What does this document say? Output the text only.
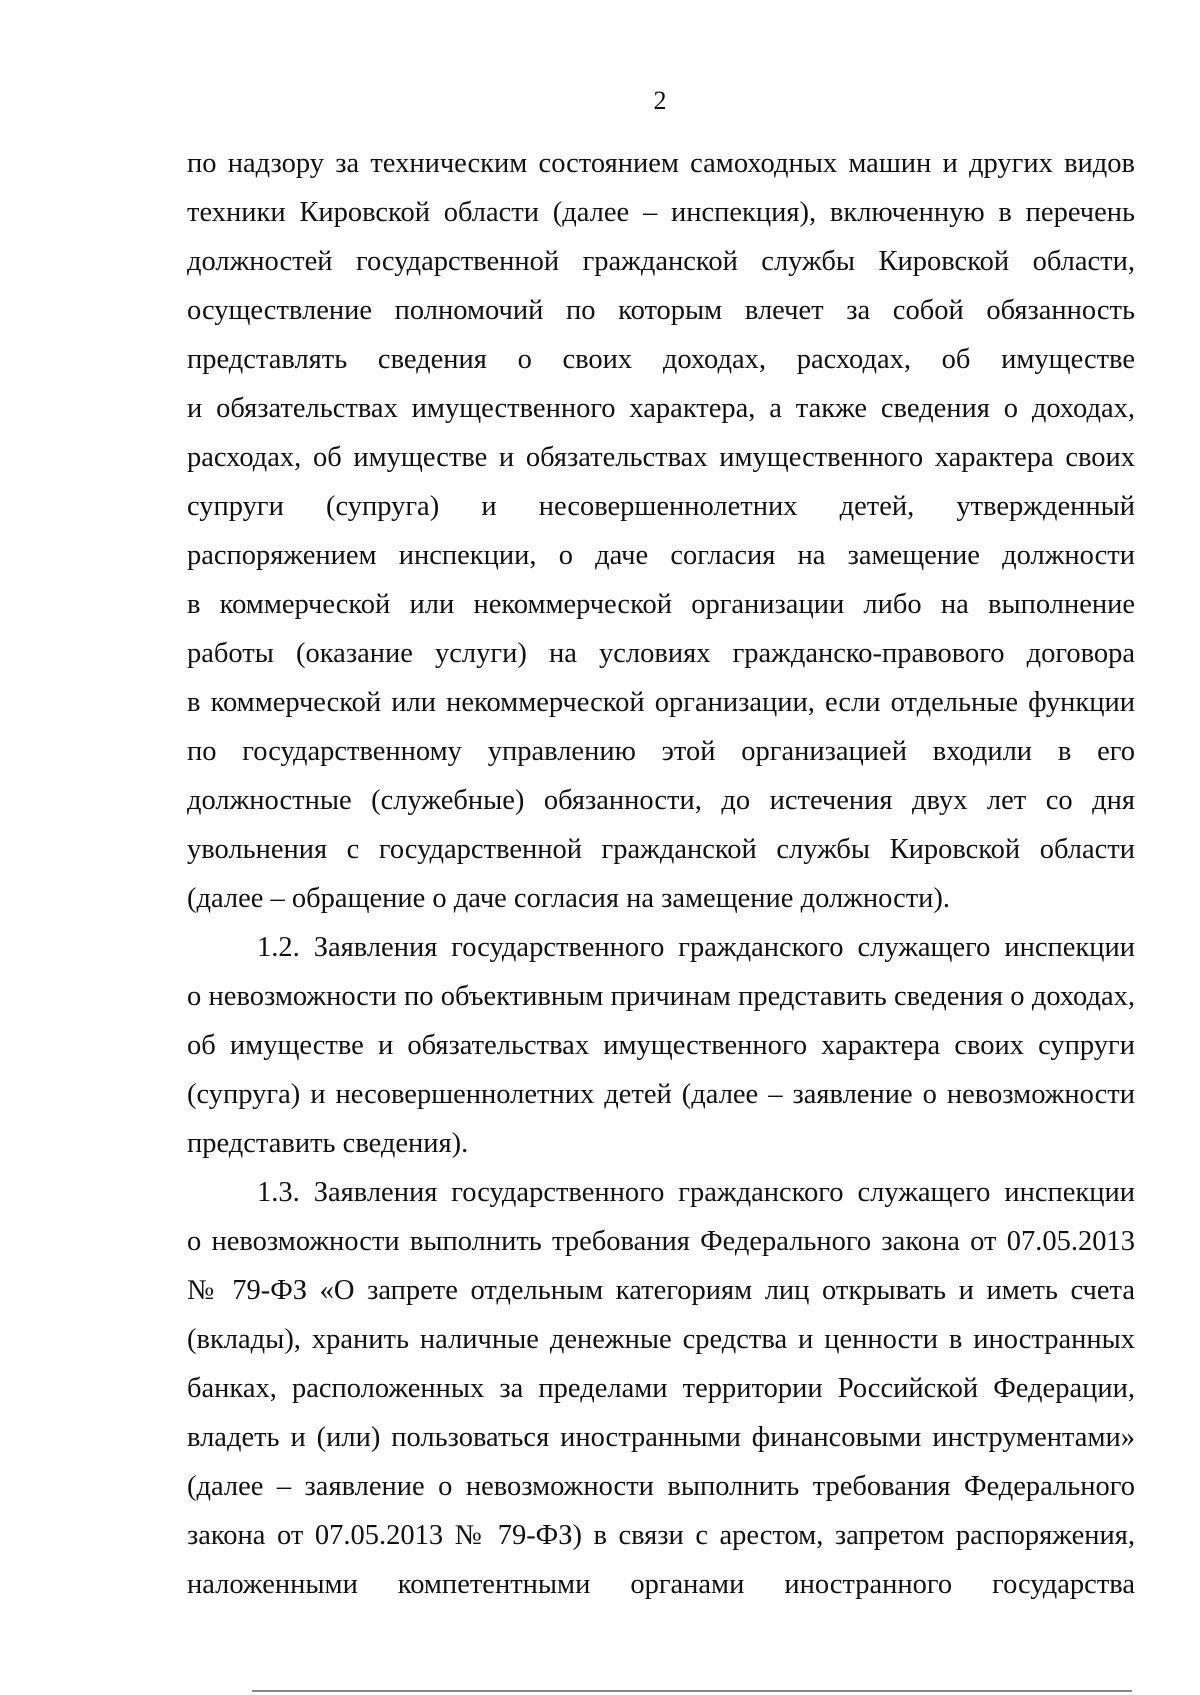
2
по надзору за техническим состоянием самоходных машин и других видов
техники Кировской области (далее – инспекция), включенную в перечень
должностей государственной гражданской службы Кировской области,
осуществление полномочий по которым влечет за собой обязанность
представлять сведения о своих доходах, расходах, об имуществе
и обязательствах имущественного характера, а также сведения о доходах,
расходах, об имуществе и обязательствах имущественного характера своих
супруги (супруга) и несовершеннолетних детей, утвержденный
распоряжением инспекции, о даче согласия на замещение должности
в коммерческой или некоммерческой организации либо на выполнение
работы (оказание услуги) на условиях гражданско-правового договора
в коммерческой или некоммерческой организации, если отдельные функции
по государственному управлению этой организацией входили в его
должностные (служебные) обязанности, до истечения двух лет со дня
увольнения с государственной гражданской службы Кировской области
(далее – обращение о даче согласия на замещение должности).
1.2. Заявления государственного гражданского служащего инспекции
о невозможности по объективным причинам представить сведения о доходах,
об имуществе и обязательствах имущественного характера своих супруги
(супруга) и несовершеннолетних детей (далее – заявление о невозможности
представить сведения).
1.3. Заявления государственного гражданского служащего инспекции
о невозможности выполнить требования Федерального закона от 07.05.2013
№ 79-ФЗ «О запрете отдельным категориям лиц открывать и иметь счета
(вклады), хранить наличные денежные средства и ценности в иностранных
банках, расположенных за пределами территории Российской Федерации,
владеть и (или) пользоваться иностранными финансовыми инструментами»
(далее – заявление о невозможности выполнить требования Федерального
закона от 07.05.2013 № 79-ФЗ) в связи с арестом, запретом распоряжения,
наложенными компетентными органами иностранного государства
